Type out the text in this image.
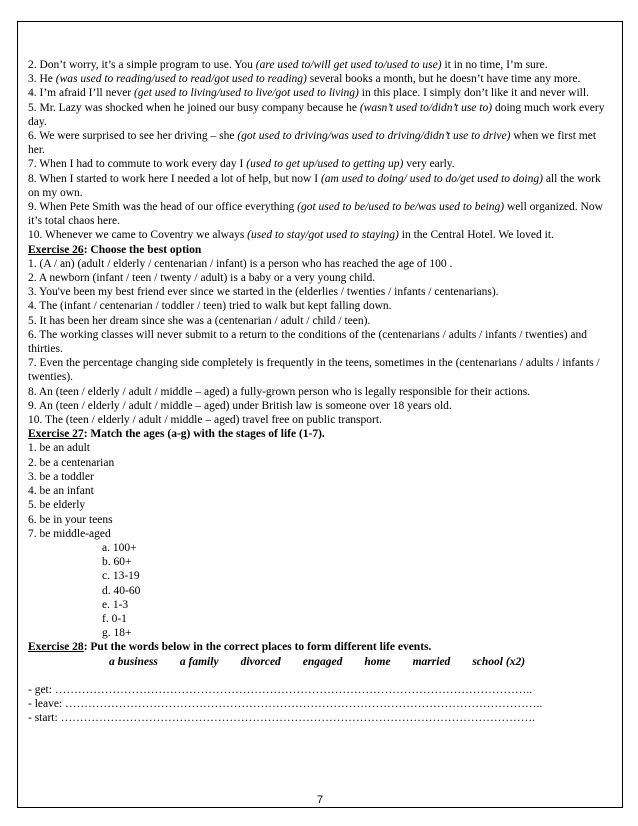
2. Don’t worry, it’s a simple program to use. You (are used to/will get used to/used to use) it in no time, I’m sure.

3. He (was used to reading/used to read/got used to reading) several books a month, but he doesn’t have time any more.

4. I’m afraid I’ll never (get used to living/used to live/got used to living) in this place. I simply don’t like it and never will.

5. Mr. Lazy was shocked when he joined our busy company because he (wasn’t used to/didn’t use to) doing much work every day.

6. We were surprised to see her driving – she (got used to driving/was used to driving/didn’t use to drive) when we first met her.

7. When I had to commute to work every day I (used to get up/used to getting up) very early.

8. When I started to work here I needed a lot of help, but now I (am used to doing/ used to do/get used to doing) all the work on my own.

9. When Pete Smith was the head of our office everything (got used to be/used to be/was used to being) well organized. Now it’s total chaos here.

10. Whenever we came to Coventry we always (used to stay/got used to staying) in the Central Hotel. We loved it.

Exercise 26: Choose the best option

1. (A / an) (adult / elderly / centenarian / infant) is a person who has reached the age of 100 .

2. A newborn (infant / teen / twenty / adult) is a baby or a very young child.

3. You've been my best friend ever since we started in the (elderlies / twenties / infants / centenarians).

4. The (infant / centenarian / toddler / teen) tried to walk but kept falling down.

5. It has been her dream since she was a (centenarian / adult / child / teen).

6. The working classes will never submit to a return to the conditions of the (centenarians / adults / infants / twenties) and thirties.

7. Even the percentage changing side completely is frequently in the teens, sometimes in the (centenarians / adults / infants / twenties).

8. An (teen / elderly / adult / middle – aged) a fully-grown person who is legally responsible for their actions.

9. An (teen / elderly / adult / middle – aged) under British law is someone over 18 years old.

10. The (teen / elderly / adult / middle – aged) travel free on public transport.

Exercise 27: Match the ages (a-g) with the stages of life (1-7).

1. be an adult

2. be a centenarian

3. be a toddler

4. be an infant

5. be elderly

6. be in your teens

7. be middle-aged

a. 100+

b. 60+

c. 13-19

d. 40-60

e. 1-3

f. 0-1

g. 18+

Exercise 28: Put the words below in the correct places to form different life events.

a business a family divorced engaged home married school (x2)

- get: ……………………………………………………………………………………………………………..

- leave: ……………………………………………………………………………………………………………..

- start: …………………………………………………………………………………………………………….

7
